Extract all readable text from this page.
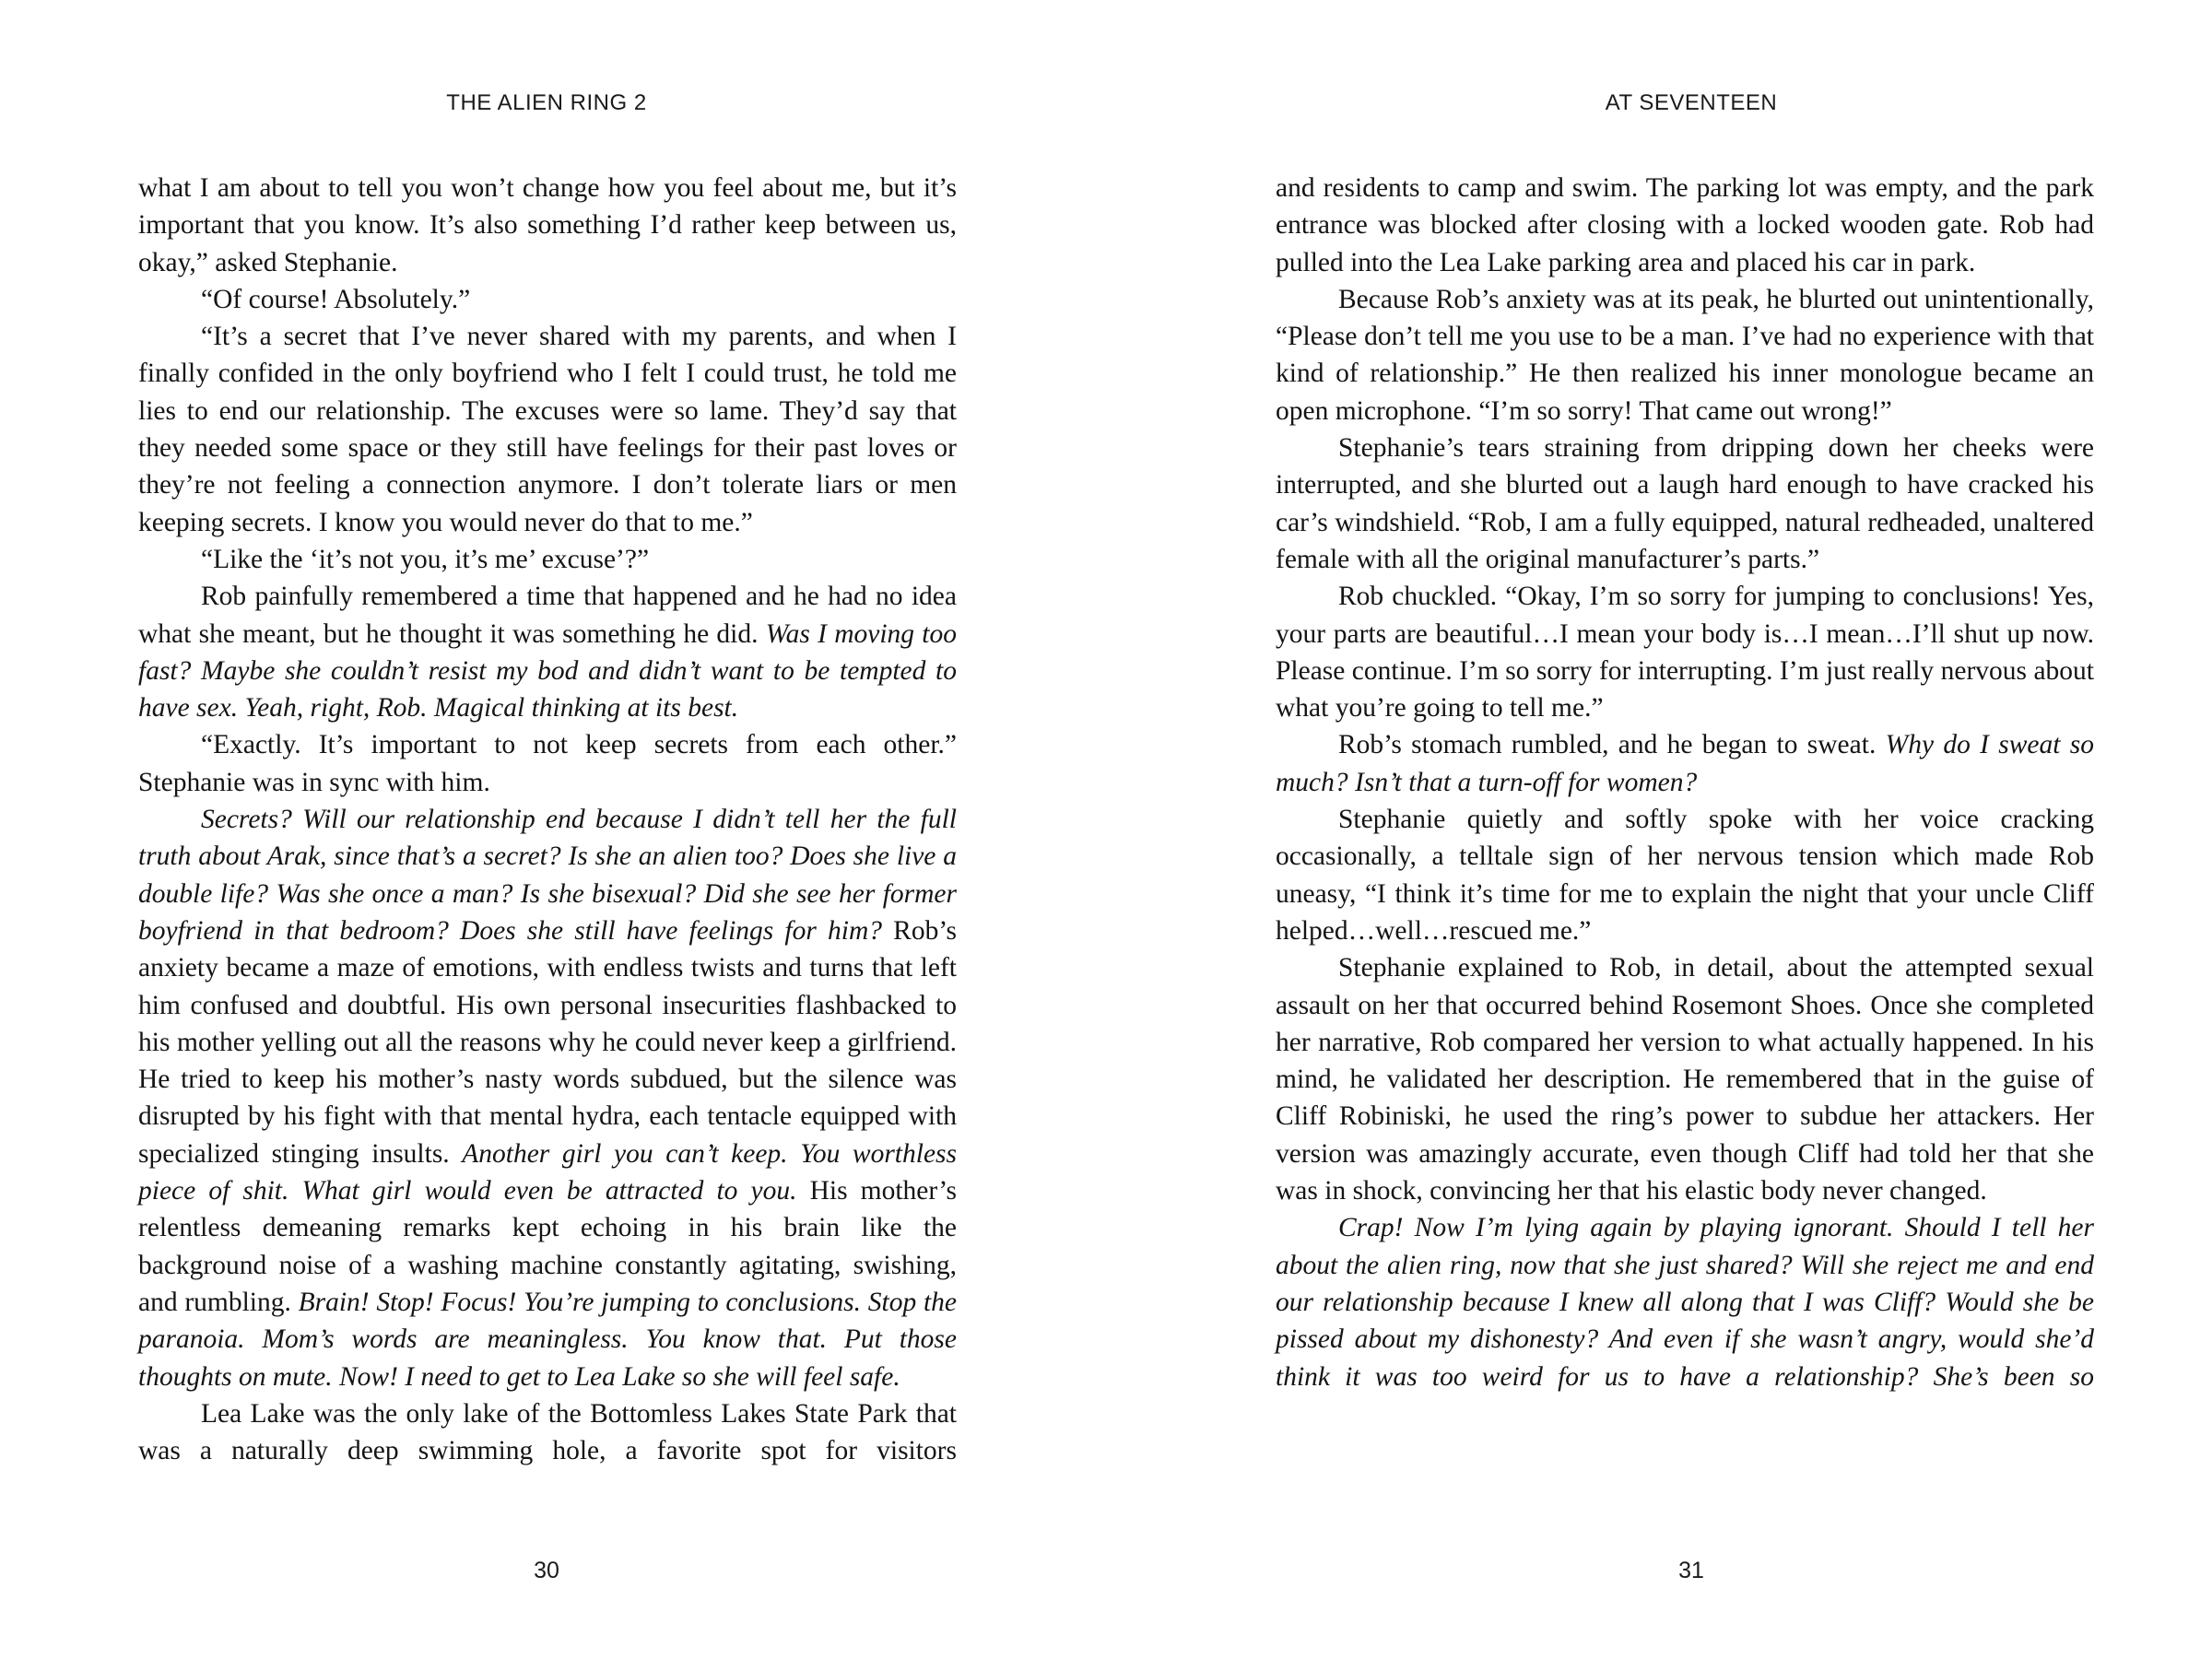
THE ALIEN RING 2

what I am about to tell you won’t change how you feel about me, but it’s important that you know. It’s also something I’d rather keep between us, okay,” asked Stephanie.

“Of course! Absolutely.”

“It’s a secret that I’ve never shared with my parents, and when I finally confided in the only boyfriend who I felt I could trust, he told me lies to end our relationship. The excuses were so lame. They’d say that they needed some space or they still have feelings for their past loves or they’re not feeling a connection anymore. I don’t tolerate liars or men keeping secrets. I know you would never do that to me.”

“Like the ‘it’s not you, it’s me’ excuse’?”

Rob painfully remembered a time that happened and he had no idea what she meant, but he thought it was something he did. Was I moving too fast? Maybe she couldn’t resist my bod and didn’t want to be tempted to have sex. Yeah, right, Rob. Magical thinking at its best.

“Exactly. It’s important to not keep secrets from each other.” Stephanie was in sync with him.

Secrets? Will our relationship end because I didn’t tell her the full truth about Arak, since that’s a secret? Is she an alien too? Does she live a double life? Was she once a man? Is she bisexual? Did she see her former boyfriend in that bedroom? Does she still have feelings for him? Rob’s anxiety became a maze of emotions, with endless twists and turns that left him confused and doubtful. His own personal insecurities flashbacked to his mother yelling out all the reasons why he could never keep a girlfriend. He tried to keep his mother’s nasty words subdued, but the silence was disrupted by his fight with that mental hydra, each tentacle equipped with specialized stinging insults. Another girl you can’t keep. You worthless piece of shit. What girl would even be attracted to you. His mother’s relentless demeaning remarks kept echoing in his brain like the background noise of a washing machine constantly agitating, swishing, and rumbling. Brain! Stop! Focus! You’re jumping to conclusions. Stop the paranoia. Mom’s words are meaningless. You know that. Put those thoughts on mute. Now! I need to get to Lea Lake so she will feel safe.

Lea Lake was the only lake of the Bottomless Lakes State Park that was a naturally deep swimming hole, a favorite spot for visitors

30
AT SEVENTEEN

and residents to camp and swim. The parking lot was empty, and the park entrance was blocked after closing with a locked wooden gate. Rob had pulled into the Lea Lake parking area and placed his car in park.

Because Rob’s anxiety was at its peak, he blurted out unintentionally, “Please don’t tell me you use to be a man. I’ve had no experience with that kind of relationship.” He then realized his inner monologue became an open microphone. “I’m so sorry! That came out wrong!”

Stephanie’s tears straining from dripping down her cheeks were interrupted, and she blurted out a laugh hard enough to have cracked his car’s windshield. “Rob, I am a fully equipped, natural redheaded, unaltered female with all the original manufacturer’s parts.”

Rob chuckled. “Okay, I’m so sorry for jumping to conclusions! Yes, your parts are beautiful…I mean your body is…I mean…I’ll shut up now. Please continue. I’m so sorry for interrupting. I’m just really nervous about what you’re going to tell me.”

Rob’s stomach rumbled, and he began to sweat. Why do I sweat so much? Isn’t that a turn-off for women?

Stephanie quietly and softly spoke with her voice cracking occasionally, a telltale sign of her nervous tension which made Rob uneasy, “I think it’s time for me to explain the night that your uncle Cliff helped…well…rescued me.”

Stephanie explained to Rob, in detail, about the attempted sexual assault on her that occurred behind Rosemont Shoes. Once she completed her narrative, Rob compared her version to what actually happened. In his mind, he validated her description. He remembered that in the guise of Cliff Robiniski, he used the ring’s power to subdue her attackers. Her version was amazingly accurate, even though Cliff had told her that she was in shock, convincing her that his elastic body never changed.

Crap! Now I’m lying again by playing ignorant. Should I tell her about the alien ring, now that she just shared? Will she reject me and end our relationship because I knew all along that I was Cliff? Would she be pissed about my dishonesty? And even if she wasn’t angry, would she’d think it was too weird for us to have a relationship? She’s been so

31
